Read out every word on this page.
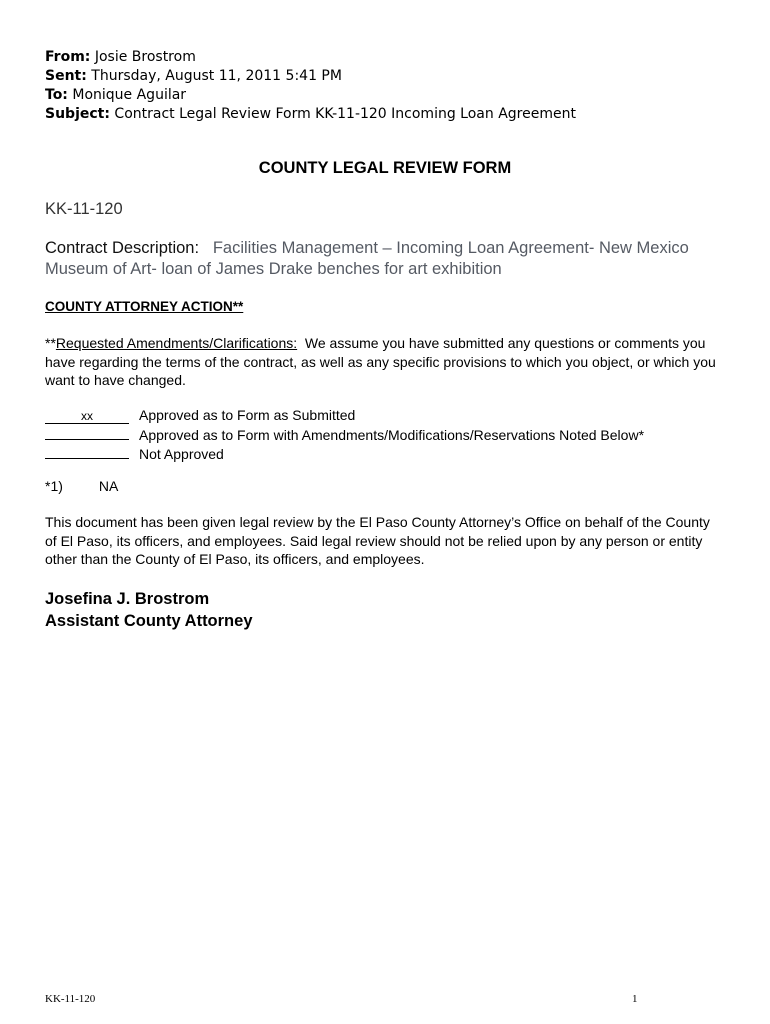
From: Josie Brostrom
Sent: Thursday, August 11, 2011 5:41 PM
To: Monique Aguilar
Subject: Contract Legal Review Form KK-11-120 Incoming Loan Agreement
COUNTY LEGAL REVIEW FORM
KK-11-120
Contract Description: Facilities Management – Incoming Loan Agreement- New Mexico Museum of Art- loan of James Drake benches for art exhibition
COUNTY ATTORNEY ACTION**
**Requested Amendments/Clarifications: We assume you have submitted any questions or comments you have regarding the terms of the contract, as well as any specific provisions to which you object, or which you want to have changed.
xx	Approved as to Form as Submitted
Approved as to Form with Amendments/Modifications/Reservations Noted Below*
Not Approved
*1)	NA
This document has been given legal review by the El Paso County Attorney’s Office on behalf of the County of El Paso, its officers, and employees. Said legal review should not be relied upon by any person or entity other than the County of El Paso, its officers, and employees.
Josefina J. Brostrom
Assistant County Attorney
KK-11-120	1
